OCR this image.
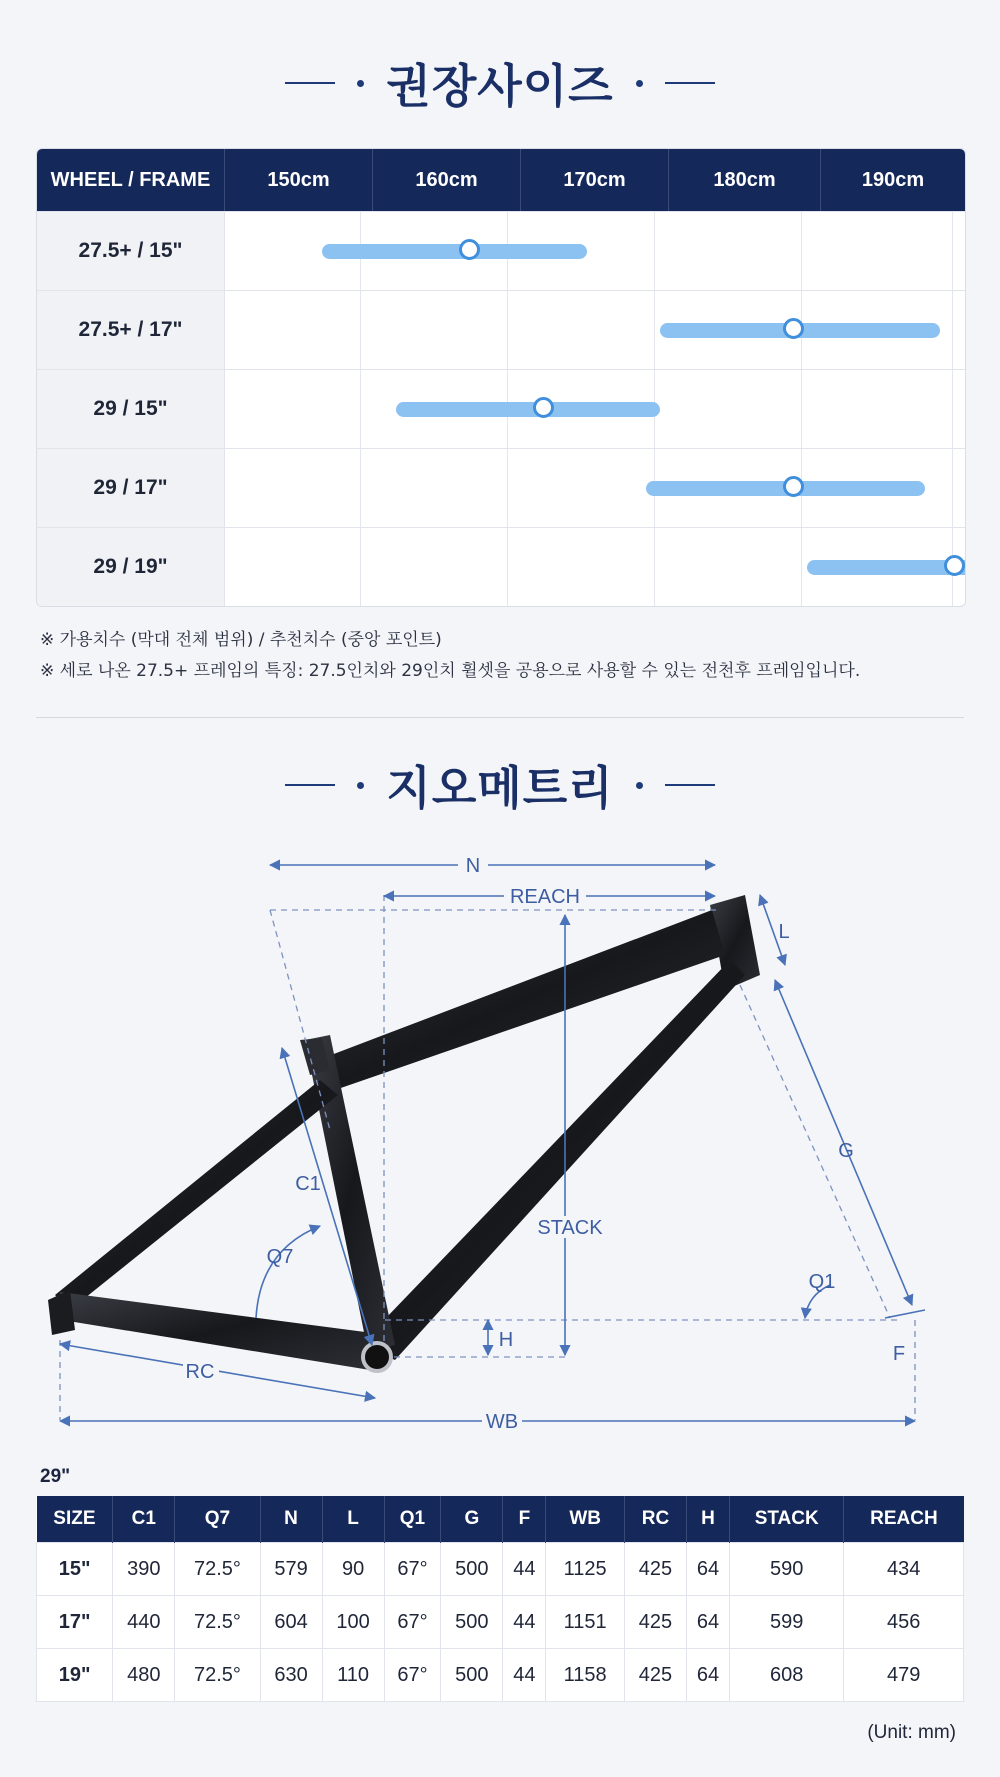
권장사이즈
WHEEL / FRAME	150cm	160cm	170cm	180cm	190cm
27.5+ / 15"
27.5+ / 17"
29 / 15"
29 / 17"
29 / 19"
※ 가용치수 (막대 전체 범위) / 추천치수 (중앙 포인트)
※ 세로 나온 27.5+ 프레임의 특징: 27.5인치와 29인치 휠셋을 공용으로 사용할 수 있는 전천후 프레임입니다.
지오메트리
N
REACH
STACK
L
G
C1
Q7
Q1
H
F
RC
WB
29"
SIZE	C1	Q7	N	L	Q1	G	F	WB	RC	H	STACK	REACH
15"	390	72.5°	579	90	67°	500	44	1125	425	64	590	434
17"	440	72.5°	604	100	67°	500	44	1151	425	64	599	456
19"	480	72.5°	630	110	67°	500	44	1158	425	64	608	479
(Unit: mm)
